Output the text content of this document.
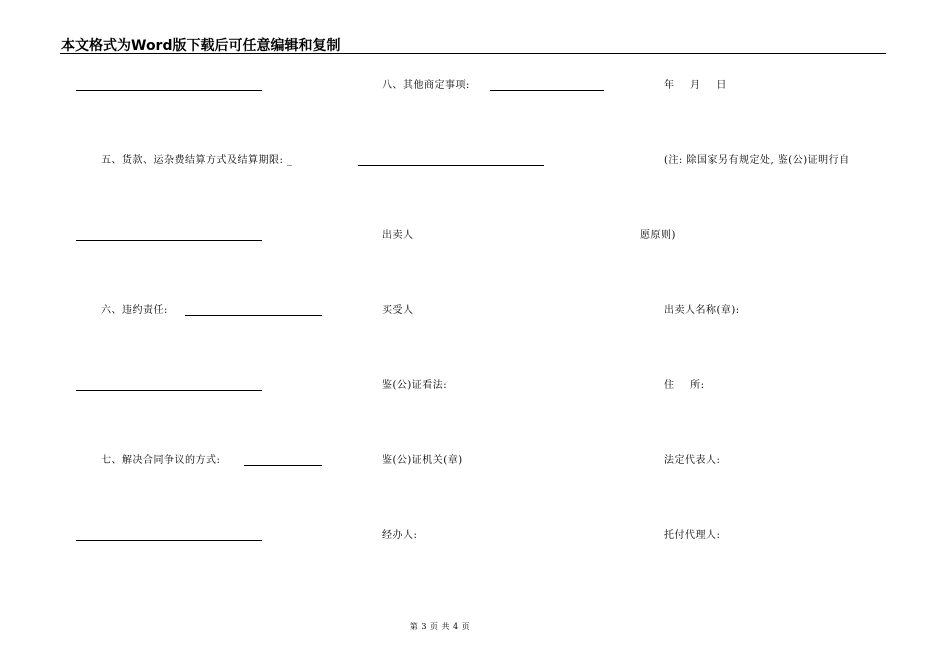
本文格式为Word版下载后可任意编辑和复制
五、货款、运杂费结算方式及结算期限: _
六、违约责任:
七、解决合同争议的方式:
八、其他商定事项:
出卖人
买受人
鉴(公)证看法:
鉴(公)证机关(章)
经办人:
年 月 日
(注: 除国家另有规定处, 鉴(公)证明行自
愿原则)
出卖人名称(章):
住 所:
法定代表人:
托付代理人:
第 3 页 共 4 页
